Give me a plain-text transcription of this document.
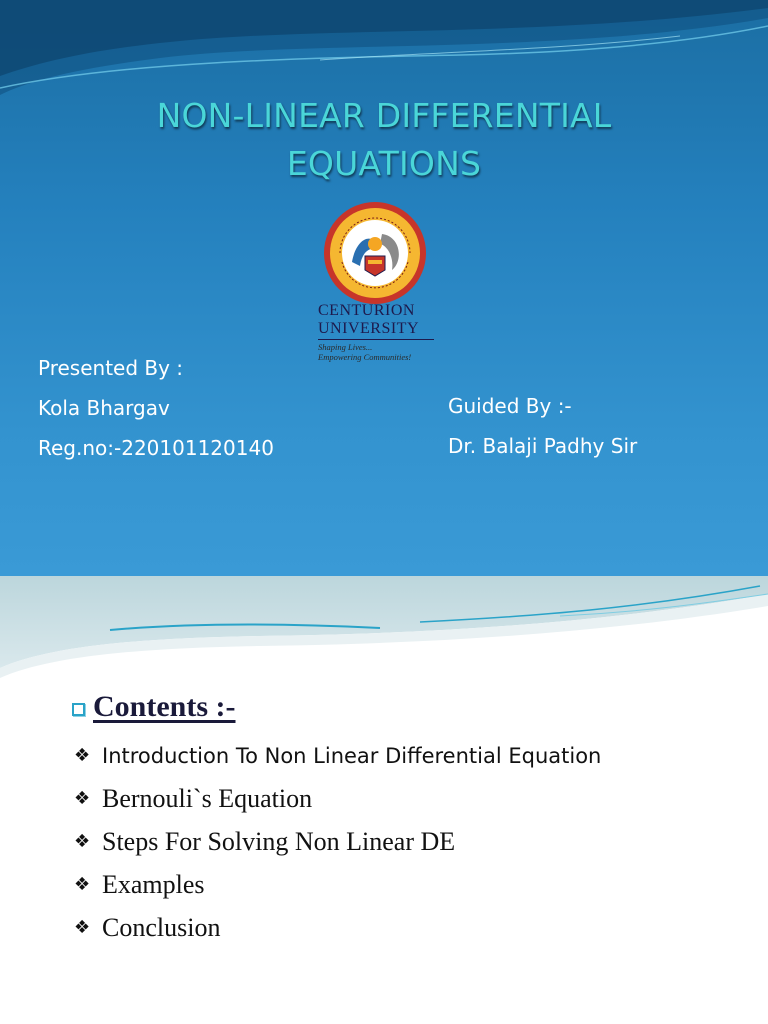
NON-LINEAR DIFFERENTIAL
EQUATIONS
CENTURION
UNIVERSITY
Shaping Lives...
Empowering Communities!
Presented By :
Kola Bhargav
Reg.no:-220101120140
Guided By :-
Dr. Balaji Padhy Sir
Contents :-
❖ Introduction To Non Linear Differential Equation
❖ Bernouli`s Equation
❖ Steps For Solving Non Linear DE
❖ Examples
❖ Conclusion
